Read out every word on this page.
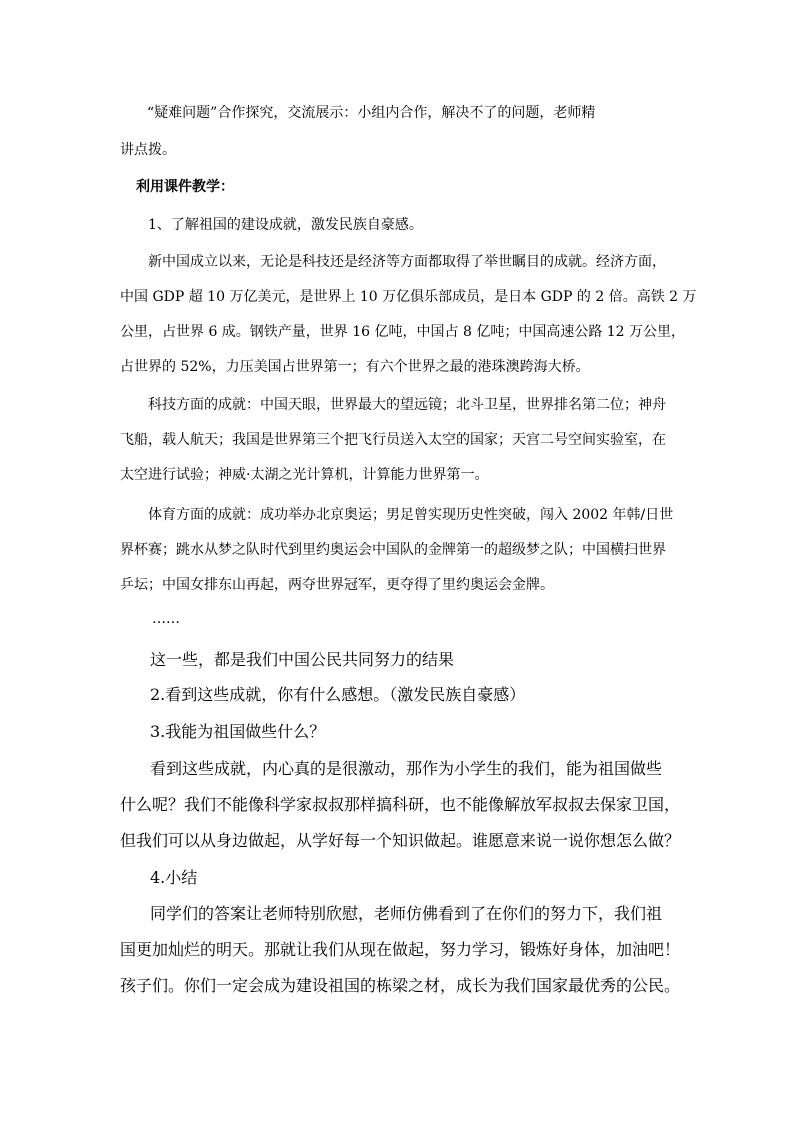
“疑难问题”合作探究，交流展示：小组内合作，解决不了的问题，老师精
讲点拨。
利用课件教学：
1、了解祖国的建设成就，激发民族自豪感。
新中国成立以来，无论是科技还是经济等方面都取得了举世瞩目的成就。经济方面，
中国 GDP 超 10 万亿美元，是世界上 10 万亿俱乐部成员，是日本 GDP 的 2 倍。高铁 2 万
公里，占世界 6 成。钢铁产量，世界 16 亿吨，中国占 8 亿吨；中国高速公路 12 万公里，
占世界的 52%，力压美国占世界第一；有六个世界之最的港珠澳跨海大桥。
科技方面的成就：中国天眼，世界最大的望远镜；北斗卫星，世界排名第二位；神舟
飞船，载人航天；我国是世界第三个把飞行员送入太空的国家；天宫二号空间实验室，在
太空进行试验；神威·太湖之光计算机，计算能力世界第一。
体育方面的成就：成功举办北京奥运；男足曾实现历史性突破，闯入 2002 年韩/日世
界杯赛；跳水从梦之队时代到里约奥运会中国队的金牌第一的超级梦之队；中国横扫世界
乒坛；中国女排东山再起，两夺世界冠军，更夺得了里约奥运会金牌。
……
这一些，都是我们中国公民共同努力的结果
2.看到这些成就，你有什么感想。（激发民族自豪感）
3.我能为祖国做些什么？
看到这些成就，内心真的是很激动，那作为小学生的我们，能为祖国做些
什么呢？我们不能像科学家叔叔那样搞科研，也不能像解放军叔叔去保家卫国，
但我们可以从身边做起，从学好每一个知识做起。谁愿意来说一说你想怎么做？
4.小结
同学们的答案让老师特别欣慰，老师仿佛看到了在你们的努力下，我们祖
国更加灿烂的明天。那就让我们从现在做起，努力学习，锻炼好身体，加油吧！
孩子们。你们一定会成为建设祖国的栋梁之材，成长为我们国家最优秀的公民。
